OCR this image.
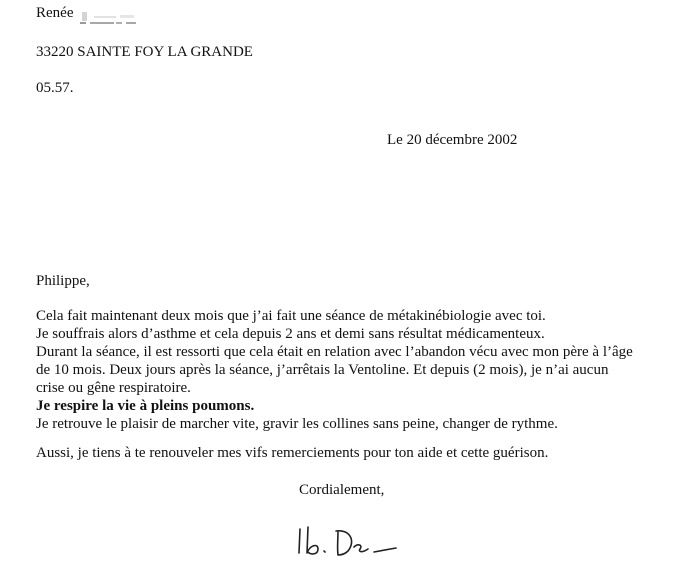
Renée
33220 SAINTE FOY LA GRANDE
05.57.
Le 20 décembre 2002
Philippe,
Cela fait maintenant deux mois que j’ai fait une séance de métakinébiologie avec toi.
Je souffrais alors d’asthme et cela depuis 2 ans et demi sans résultat médicamenteux.
Durant la séance, il est ressorti que cela était en relation avec l’abandon vécu avec mon père à l’âge
de 10 mois. Deux jours après la séance, j’arrêtais la Ventoline. Et depuis (2 mois), je n’ai aucun
crise ou gêne respiratoire.
Je respire la vie à pleins poumons.
Je retrouve le plaisir de marcher vite, gravir les collines sans peine, changer de rythme.
Aussi, je tiens à te renouveler mes vifs remerciements pour ton aide et cette guérison.
Cordialement,
